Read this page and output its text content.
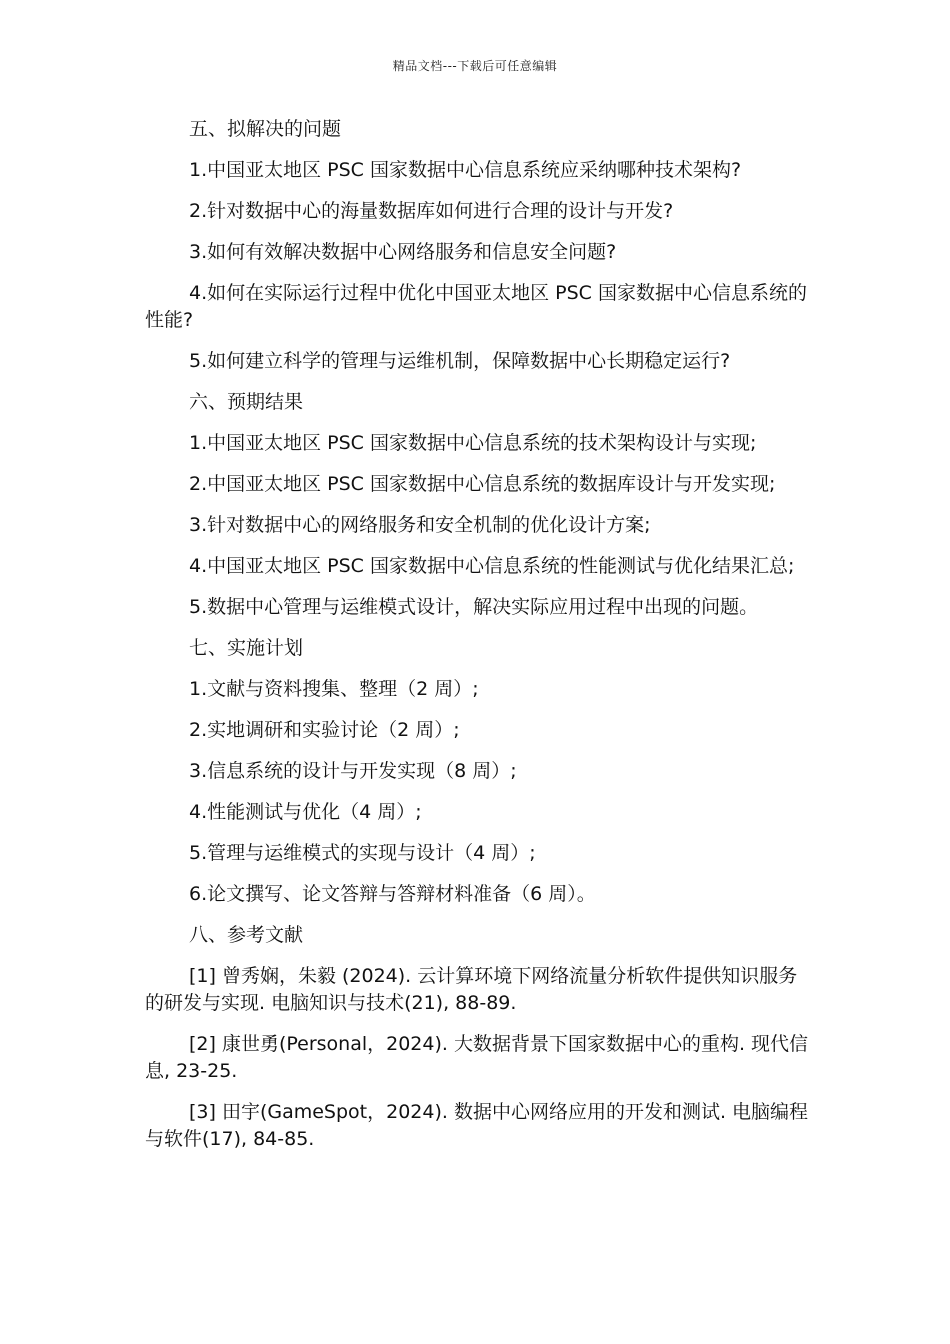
精品文档---下载后可任意编辑

五、拟解决的问题

1.中国亚太地区 PSC 国家数据中心信息系统应采纳哪种技术架构?

2.针对数据中心的海量数据库如何进行合理的设计与开发?

3.如何有效解决数据中心网络服务和信息安全问题?

4.如何在实际运行过程中优化中国亚太地区 PSC 国家数据中心信息系统的性能?

5.如何建立科学的管理与运维机制，保障数据中心长期稳定运行?

六、预期结果

1.中国亚太地区 PSC 国家数据中心信息系统的技术架构设计与实现;

2.中国亚太地区 PSC 国家数据中心信息系统的数据库设计与开发实现;

3.针对数据中心的网络服务和安全机制的优化设计方案;

4.中国亚太地区 PSC 国家数据中心信息系统的性能测试与优化结果汇总;

5.数据中心管理与运维模式设计，解决实际应用过程中出现的问题。

七、实施计划

1.文献与资料搜集、整理（2 周）;

2.实地调研和实验讨论（2 周）;

3.信息系统的设计与开发实现（8 周）;

4.性能测试与优化（4 周）;

5.管理与运维模式的实现与设计（4 周）;

6.论文撰写、论文答辩与答辩材料准备（6 周）。

八、参考文献

[1] 曾秀娴，朱毅 (2024). 云计算环境下网络流量分析软件提供知识服务的研发与实现. 电脑知识与技术(21), 88-89.

[2] 康世勇(Personal，2024). 大数据背景下国家数据中心的重构. 现代信息, 23-25.

[3] 田宇(GameSpot，2024). 数据中心网络应用的开发和测试. 电脑编程与软件(17), 84-85.
